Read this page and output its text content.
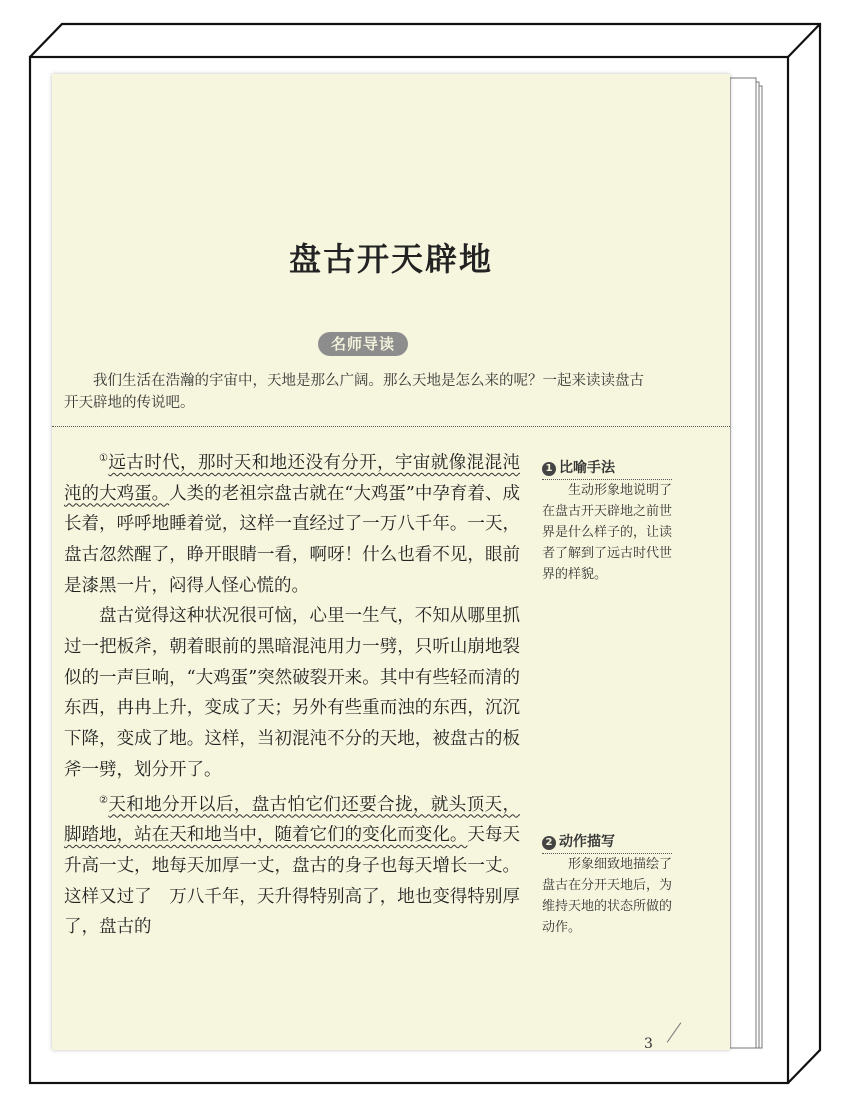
盘古开天辟地
名师导读
我们生活在浩瀚的宇宙中，天地是那么广阔。那么天地是怎么来的呢？一起来读读盘古开天辟地的传说吧。

①远古时代，那时天和地还没有分开，宇宙就像混混沌沌的大鸡蛋。人类的老祖宗盘古就在“大鸡蛋”中孕育着、成长着，呼呼地睡着觉，这样一直经过了一万八千年。一天，盘古忽然醒了，睁开眼睛一看，啊呀！什么也看不见，眼前是漆黑一片，闷得人怪心慌的。

盘古觉得这种状况很可恼，心里一生气，不知从哪里抓过一把板斧，朝着眼前的黑暗混沌用力一劈，只听山崩地裂似的一声巨响，“大鸡蛋”突然破裂开来。其中有些轻而清的东西，冉冉上升，变成了天；另外有些重而浊的东西，沉沉下降，变成了地。这样，当初混沌不分的天地，被盘古的板斧一劈，划分开了。

②天和地分开以后，盘古怕它们还要合拢，就头顶天，脚踏地，站在天和地当中，随着它们的变化而变化。天每天升高一丈，地每天加厚一丈，盘古的身子也每天增长一丈。这样又过了　万八千年，天升得特别高了，地也变得特别厚了，盘古的

1 比喻手法
生动形象地说明了在盘古开天辟地之前世界是什么样子的，让读者了解到了远古时代世界的样貌。
2 动作描写
形象细致地描绘了盘古在分开天地后，为维持天地的状态所做的动作。
3
